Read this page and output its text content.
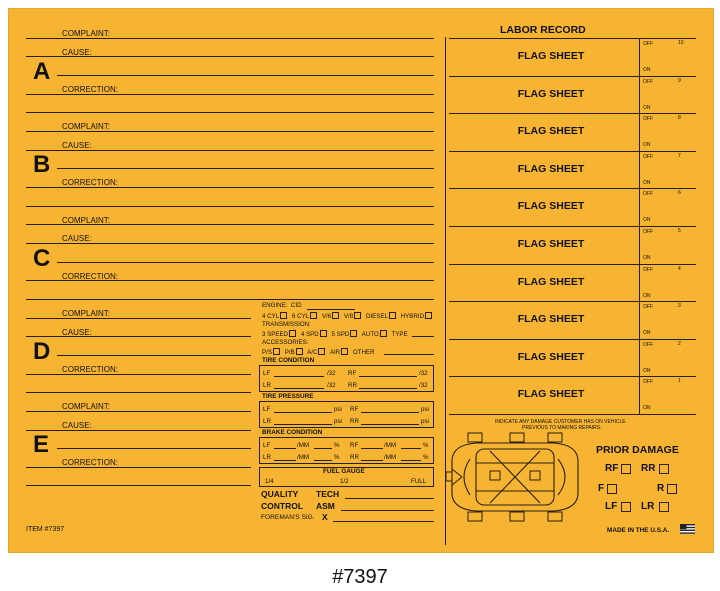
COMPLAINT:
CAUSE:
CORRECTION:
A
COMPLAINT:
CAUSE:
CORRECTION:
B
COMPLAINT:
CAUSE:
CORRECTION:
C
COMPLAINT:
CAUSE:
CORRECTION:
D
COMPLAINT:
CAUSE:
CORRECTION:
E
ITEM #7397
LABOR RECORD
FLAG SHEET
OFF	10
ON
FLAG SHEET
OFF	9
ON
FLAG SHEET
OFF	8
ON
FLAG SHEET
OFF	7
ON
FLAG SHEET
OFF	6
ON
FLAG SHEET
OFF	5
ON
FLAG SHEET
OFF	4
ON
FLAG SHEET
OFF	3
ON
FLAG SHEET
OFF	2
ON
FLAG SHEET
OFF	1
ON
ENGINE: CID
4 CYL 6 CYL V/6 V/8 DIESEL HYBRID
TRANSMISSION:
3 SPEED 4 SPD 5 SPD AUTO TYPE
ACCESSORIES:
P/S P/B A/C AIR OTHER
TIRE CONDITION
LF	/32 RF	/32
LR	/32 RR	/32
TIRE PRESSURE
LF	psi RF	psi
LR	psi RR	psi
BRAKE CONDITION
LF	/MM	% RF	/MM	%
LR	/MM	% RR	/MM	%
FUEL GAUGE
1/4	1/2	FULL
QUALITY TECH
CONTROL ASM
FOREMAN'S SIG. X
INDICATE ANY DAMAGE CUSTOMER HAS ON VEHICLE
PREVIOUS TO MAKING REPAIRS.
PRIOR DAMAGE
RF RR
F	R
LF LR
MADE IN THE U.S.A.
#7397
